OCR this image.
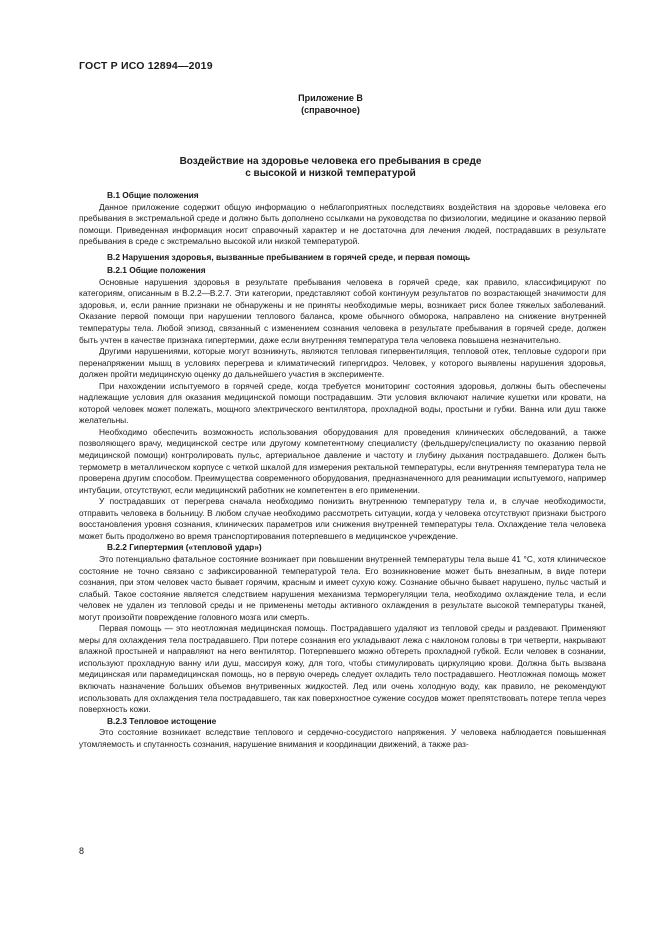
ГОСТ Р ИСО 12894—2019
Приложение В
(справочное)
Воздействие на здоровье человека его пребывания в среде
с высокой и низкой температурой

В.1 Общие положения

Данное приложение содержит общую информацию о неблагоприятных последствиях воздействия на здоровье человека его пребывания в экстремальной среде и должно быть дополнено ссылками на руководства по физиологии, медицине и оказанию первой помощи. Приведенная информация носит справочный характер и не достаточна для лечения людей, пострадавших в результате пребывания в среде с экстремально высокой или низкой температурой.

В.2 Нарушения здоровья, вызванные пребыванием в горячей среде, и первая помощь

В.2.1 Общие положения

Основные нарушения здоровья в результате пребывания человека в горячей среде, как правило, классифицируют по категориям, описанным в В.2.2—В.2.7. Эти категории, представляют собой континуум результатов по возрастающей значимости для здоровья, и, если ранние признаки не обнаружены и не приняты необходимые меры, возникает риск более тяжелых заболеваний. Оказание первой помощи при нарушении теплового баланса, кроме обычного обморока, направлено на снижение внутренней температуры тела. Любой эпизод, связанный с изменением сознания человека в результате пребывания в горячей среде, должен быть учтен в качестве признака гипертермии, даже если внутренняя температура тела человека повышена незначительно.

Другими нарушениями, которые могут возникнуть, являются тепловая гипервентиляция, тепловой отек, тепловые судороги при перенапряжении мышц в условиях перегрева и климатический гипергидроз. Человек, у которого выявлены нарушения здоровья, должен пройти медицинскую оценку до дальнейшего участия в эксперименте.

При нахождении испытуемого в горячей среде, когда требуется мониторинг состояния здоровья, должны быть обеспечены надлежащие условия для оказания медицинской помощи пострадавшим. Эти условия включают наличие кушетки или кровати, на которой человек может полежать, мощного электрического вентилятора, прохладной воды, простыни и губки. Ванна или душ также желательны.

Необходимо обеспечить возможность использования оборудования для проведения клинических обследований, а также позволяющего врачу, медицинской сестре или другому компетентному специалисту (фельдшеру/специалисту по оказанию первой медицинской помощи) контролировать пульс, артериальное давление и частоту и глубину дыхания пострадавшего. Должен быть термометр в металлическом корпусе с четкой шкалой для измерения ректальной температуры, если внутренняя температура тела не проверена другим способом. Преимущества современного оборудования, предназначенного для реанимации испытуемого, например интубации, отсутствуют, если медицинский работник не компетентен в его применении.

У пострадавших от перегрева сначала необходимо понизить внутреннюю температуру тела и, в случае необходимости, отправить человека в больницу. В любом случае необходимо рассмотреть ситуации, когда у человека отсутствуют признаки быстрого восстановления уровня сознания, клинических параметров или снижения внутренней температуры тела. Охлаждение тела человека может быть продолжено во время транспортирования потерпевшего в медицинское учреждение.

В.2.2 Гипертермия («тепловой удар»)

Это потенциально фатальное состояние возникает при повышении внутренней температуры тела выше 41 °С, хотя клиническое состояние не точно связано с зафиксированной температурой тела. Его возникновение может быть внезапным, в виде потери сознания, при этом человек часто бывает горячим, красным и имеет сухую кожу. Сознание обычно бывает нарушено, пульс частый и слабый. Такое состояние является следствием нарушения механизма терморегуляции тела, необходимо охлаждение тела, и если человек не удален из тепловой среды и не применены методы активного охлаждения в результате высокой температуры тканей, могут произойти повреждение головного мозга или смерть.

Первая помощь — это неотложная медицинская помощь. Пострадавшего удаляют из тепловой среды и раздевают. Применяют меры для охлаждения тела пострадавшего. При потере сознания его укладывают лежа с наклоном головы в три четверти, накрывают влажной простыней и направляют на него вентилятор. Потерпевшего можно обтереть прохладной губкой. Если человек в сознании, используют прохладную ванну или душ, массируя кожу, для того, чтобы стимулировать циркуляцию крови. Должна быть вызвана медицинская или парамедицинская помощь, но в первую очередь следует охладить тело пострадавшего. Неотложная помощь может включать назначение больших объемов внутривенных жидкостей. Лед или очень холодную воду, как правило, не рекомендуют использовать для охлаждения тела пострадавшего, так как поверхностное сужение сосудов может препятствовать потере тепла через поверхность кожи.

В.2.3 Тепловое истощение

Это состояние возникает вследствие теплового и сердечно-сосудистого напряжения. У человека наблюдается повышенная утомляемость и спутанность сознания, нарушение внимания и координации движений, а также раз-

8
